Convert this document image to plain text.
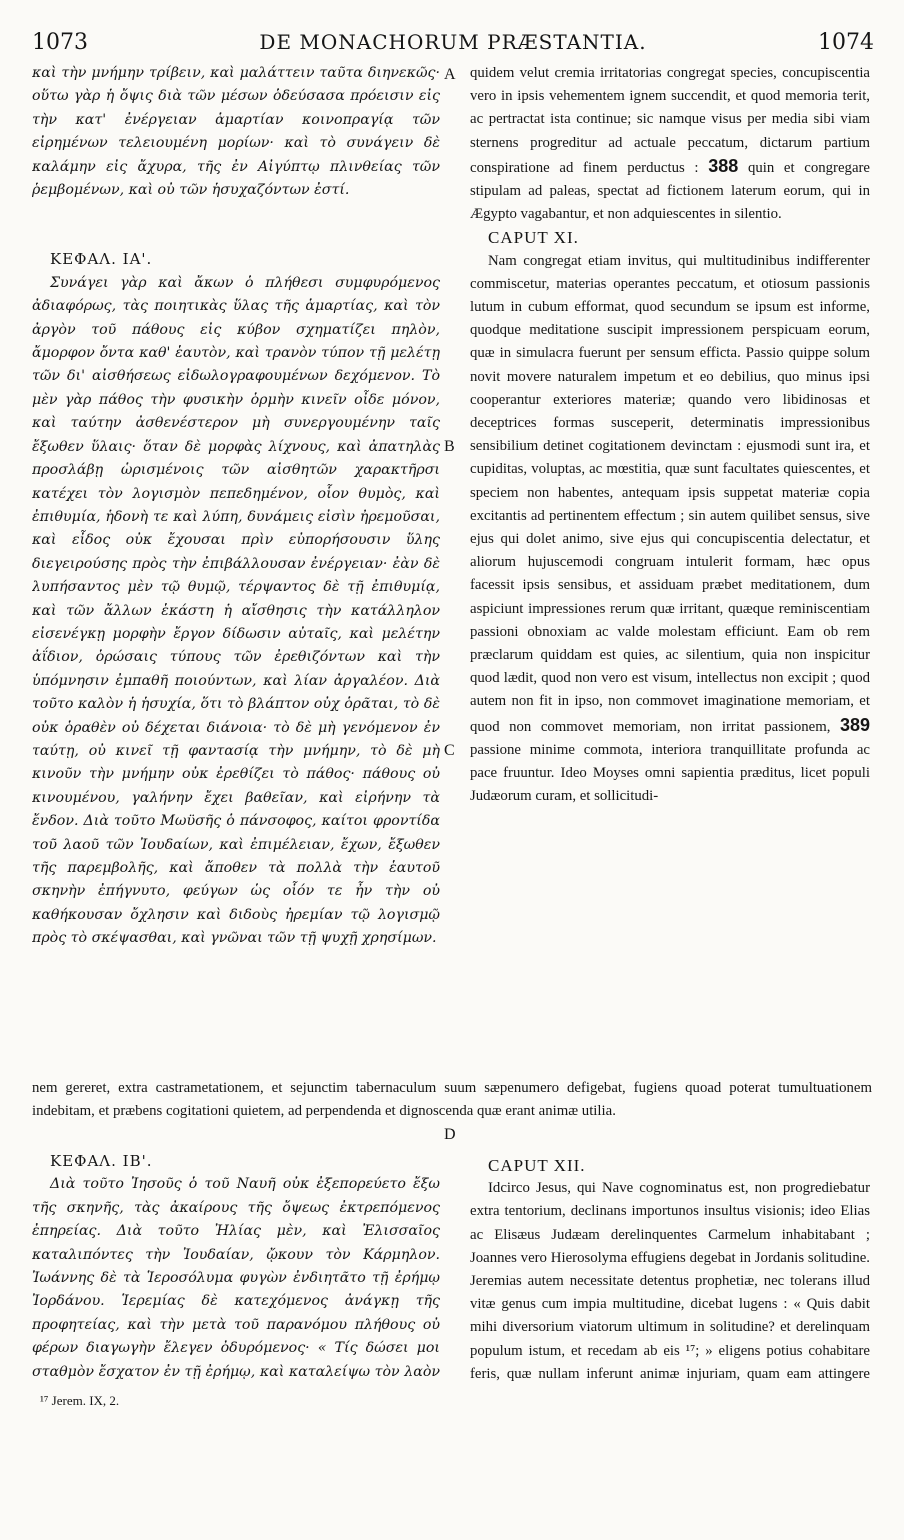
1073	DE MONACHORUM PRÆSTANTIA.	1074
A
B
C
D

καὶ τὴν μνήμην τρίβειν, καὶ μαλάττειν ταῦτα διηνεκῶς· οὕτω γὰρ ἡ ὄψις διὰ τῶν μέσων ὁδεύσασα πρόεισιν εἰς τὴν κατ' ἐνέργειαν ἁμαρτίαν κοινοπραγίᾳ τῶν εἰρημένων τελειουμένη μορίων· καὶ τὸ συνάγειν δὲ καλάμην εἰς ἄχυρα, τῆς ἐν Αἰγύπτῳ πλινθείας τῶν ῥεμβομένων, καὶ οὐ τῶν ἡσυχαζόντων ἐστί.

ΚΕΦΑΛ. ΙΑ'.

Συνάγει γὰρ καὶ ἄκων ὁ πλήθεσι συμφυρόμενος ἀδιαφόρως, τὰς ποιητικὰς ὕλας τῆς ἁμαρτίας, καὶ τὸν ἀργὸν τοῦ πάθους εἰς κύβον σχηματίζει πηλὸν, ἄμορφον ὄντα καθ' ἑαυτὸν, καὶ τρανὸν τύπον τῇ μελέτῃ τῶν δι' αἰσθήσεως εἰδωλογραφουμένων δεχόμενον. Τὸ μὲν γὰρ πάθος τὴν φυσικὴν ὁρμὴν κινεῖν οἶδε μόνον, καὶ ταύτην ἀσθενέστερον μὴ συνεργουμένην ταῖς ἔξωθεν ὕλαις· ὅταν δὲ μορφὰς λίχνους, καὶ ἀπατηλὰς προσλάβῃ ὡρισμένοις τῶν αἰσθητῶν χαρακτῆρσι κατέχει τὸν λογισμὸν πεπεδημένον, οἷον θυμὸς, καὶ ἐπιθυμία, ἡδονὴ τε καὶ λύπη, δυνάμεις εἰσὶν ἠρεμοῦσαι, καὶ εἶδος οὐκ ἔχουσαι πρὶν εὐπορήσουσιν ὕλης διεγειρούσης πρὸς τὴν ἐπιβάλλουσαν ἐνέργειαν· ἐὰν δὲ λυπήσαντος μὲν τῷ θυμῷ, τέρψαντος δὲ τῇ ἐπιθυμίᾳ, καὶ τῶν ἄλλων ἑκάστη ἡ αἴσθησις τὴν κατάλληλον εἰσενέγκῃ μορφὴν ἔργον δίδωσιν αὐταῖς, καὶ μελέτην ἀΐδιον, ὁρώσαις τύπους τῶν ἐρεθιζόντων καὶ τὴν ὑπόμνησιν ἐμπαθῆ ποιούντων, καὶ λίαν ἀργαλέον. Διὰ τοῦτο καλὸν ἡ ἡσυχία, ὅτι τὸ βλάπτον οὐχ ὁρᾶται, τὸ δὲ οὐκ ὁραθὲν οὐ δέχεται διάνοια· τὸ δὲ μὴ γενόμενον ἐν ταύτῃ, οὐ κινεῖ τῇ φαντασίᾳ τὴν μνήμην, τὸ δὲ μὴ κινοῦν τὴν μνήμην οὐκ ἐρεθίζει τὸ πάθος· πάθους οὐ κινουμένου, γαλήνην ἔχει βαθεῖαν, καὶ εἰρήνην τὰ ἔνδον. Διὰ τοῦτο Μωϋσῆς ὁ πάνσοφος, καίτοι φροντίδα τοῦ λαοῦ τῶν Ἰουδαίων, καὶ ἐπιμέλειαν, ἔχων, ἔξωθεν τῆς παρεμβολῆς, καὶ ἄποθεν τὰ πολλὰ τὴν ἑαυτοῦ σκηνὴν ἐπήγνυτο, φεύγων ὡς οἷόν τε ἦν τὴν οὐ καθήκουσαν ὄχλησιν καὶ διδοὺς ἠρεμίαν τῷ λογισμῷ πρὸς τὸ σκέψασθαι, καὶ γνῶναι τῶν τῇ ψυχῇ χρησίμων.

quidem velut cremia irritatorias congregat species, concupiscentia vero in ipsis vehementem ignem succendit, et quod memoria terit, ac pertractat ista continue; sic namque visus per media sibi viam sternens progreditur ad actuale peccatum, dictarum partium conspiratione ad finem perductus : 388 quin et congregare stipulam ad paleas, spectat ad fictionem laterum eorum, qui in Ægypto vagabantur, et non adquiescentes in silentio.

CAPUT XI.

Nam congregat etiam invitus, qui multitudinibus indifferenter commiscetur, materias operantes peccatum, et otiosum passionis lutum in cubum efformat, quod secundum se ipsum est informe, quodque meditatione suscipit impressionem perspicuam eorum, quæ in simulacra fuerunt per sensum efficta. Passio quippe solum novit movere naturalem impetum et eo debilius, quo minus ipsi cooperantur exteriores materiæ; quando vero libidinosas et deceptrices formas susceperit, determinatis impressionibus sensibilium detinet cogitationem devinctam : ejusmodi sunt ira, et cupiditas, voluptas, ac mœstitia, quæ sunt facultates quiescentes, et speciem non habentes, antequam ipsis suppetat materiæ copia excitantis ad pertinentem effectum ; sin autem quilibet sensus, sive ejus qui dolet animo, sive ejus qui concupiscentia delectatur, et aliorum hujuscemodi congruam intulerit formam, hæc opus facessit ipsis sensibus, et assiduam præbet meditationem, dum aspiciunt impressiones rerum quæ irritant, quæque reminiscentiam passioni obnoxiam ac valde molestam efficiunt. Eam ob rem præclarum quiddam est quies, ac silentium, quia non inspicitur quod lædit, quod non vero est visum, intellectus non excipit ; quod autem non fit in ipso, non commovet imaginatione memoriam, et quod non commovet memoriam, non irritat passionem, 389 passione minime commota, interiora tranquillitate profunda ac pace fruuntur. Ideo Moyses omni sapientia præditus, licet populi Judæorum curam, et sollicitudi-

nem gereret, extra castrametationem, et sejunctim tabernaculum suum sæpenumero defigebat, fugiens quoad poterat tumultuationem indebitam, et præbens cogitationi quietem, ad perpendenda et dignoscenda quæ erant animæ utilia.

ΚΕΦΑΛ. ΙΒ'.

Διὰ τοῦτο Ἰησοῦς ὁ τοῦ Ναυῆ οὐκ ἐξεπορεύετο ἔξω τῆς σκηνῆς, τὰς ἀκαίρους τῆς ὄψεως ἐκτρεπόμενος ἐπηρείας. Διὰ τοῦτο Ἠλίας μὲν, καὶ Ἐλισσαῖος καταλιπόντες τὴν Ἰουδαίαν, ᾤκουν τὸν Κάρμηλον. Ἰωάννης δὲ τὰ Ἱεροσόλυμα φυγὼν ἐνδιητᾶτο τῇ ἐρήμῳ Ἰορδάνου. Ἱερεμίας δὲ κατεχόμενος ἀνάγκῃ τῆς προφητείας, καὶ τὴν μετὰ τοῦ παρανόμου πλήθους οὐ φέρων διαγωγὴν ἔλεγεν ὀδυρόμενος· « Τίς δώσει μοι σταθμὸν ἔσχατον ἐν τῇ ἐρήμῳ, καὶ καταλείψω τὸν λαὸν

CAPUT XII.

Idcirco Jesus, qui Nave cognominatus est, non progrediebatur extra tentorium, declinans importunos insultus visionis; ideo Elias ac Elisæus Judæam derelinquentes Carmelum inhabitabant ; Joannes vero Hierosolyma effugiens degebat in Jordanis solitudine. Jeremias autem necessitate detentus prophetiæ, nec tolerans illud vitæ genus cum impia multitudine, dicebat lugens : « Quis dabit mihi diversorium viatorum ultimum in solitudine? et derelinquam populum istum, et recedam ab eis ¹⁷; » eligens potius cohabitare feris, quæ nullam inferunt animæ injuriam, quam eam attingere

¹⁷ Jerem. IX, 2.
